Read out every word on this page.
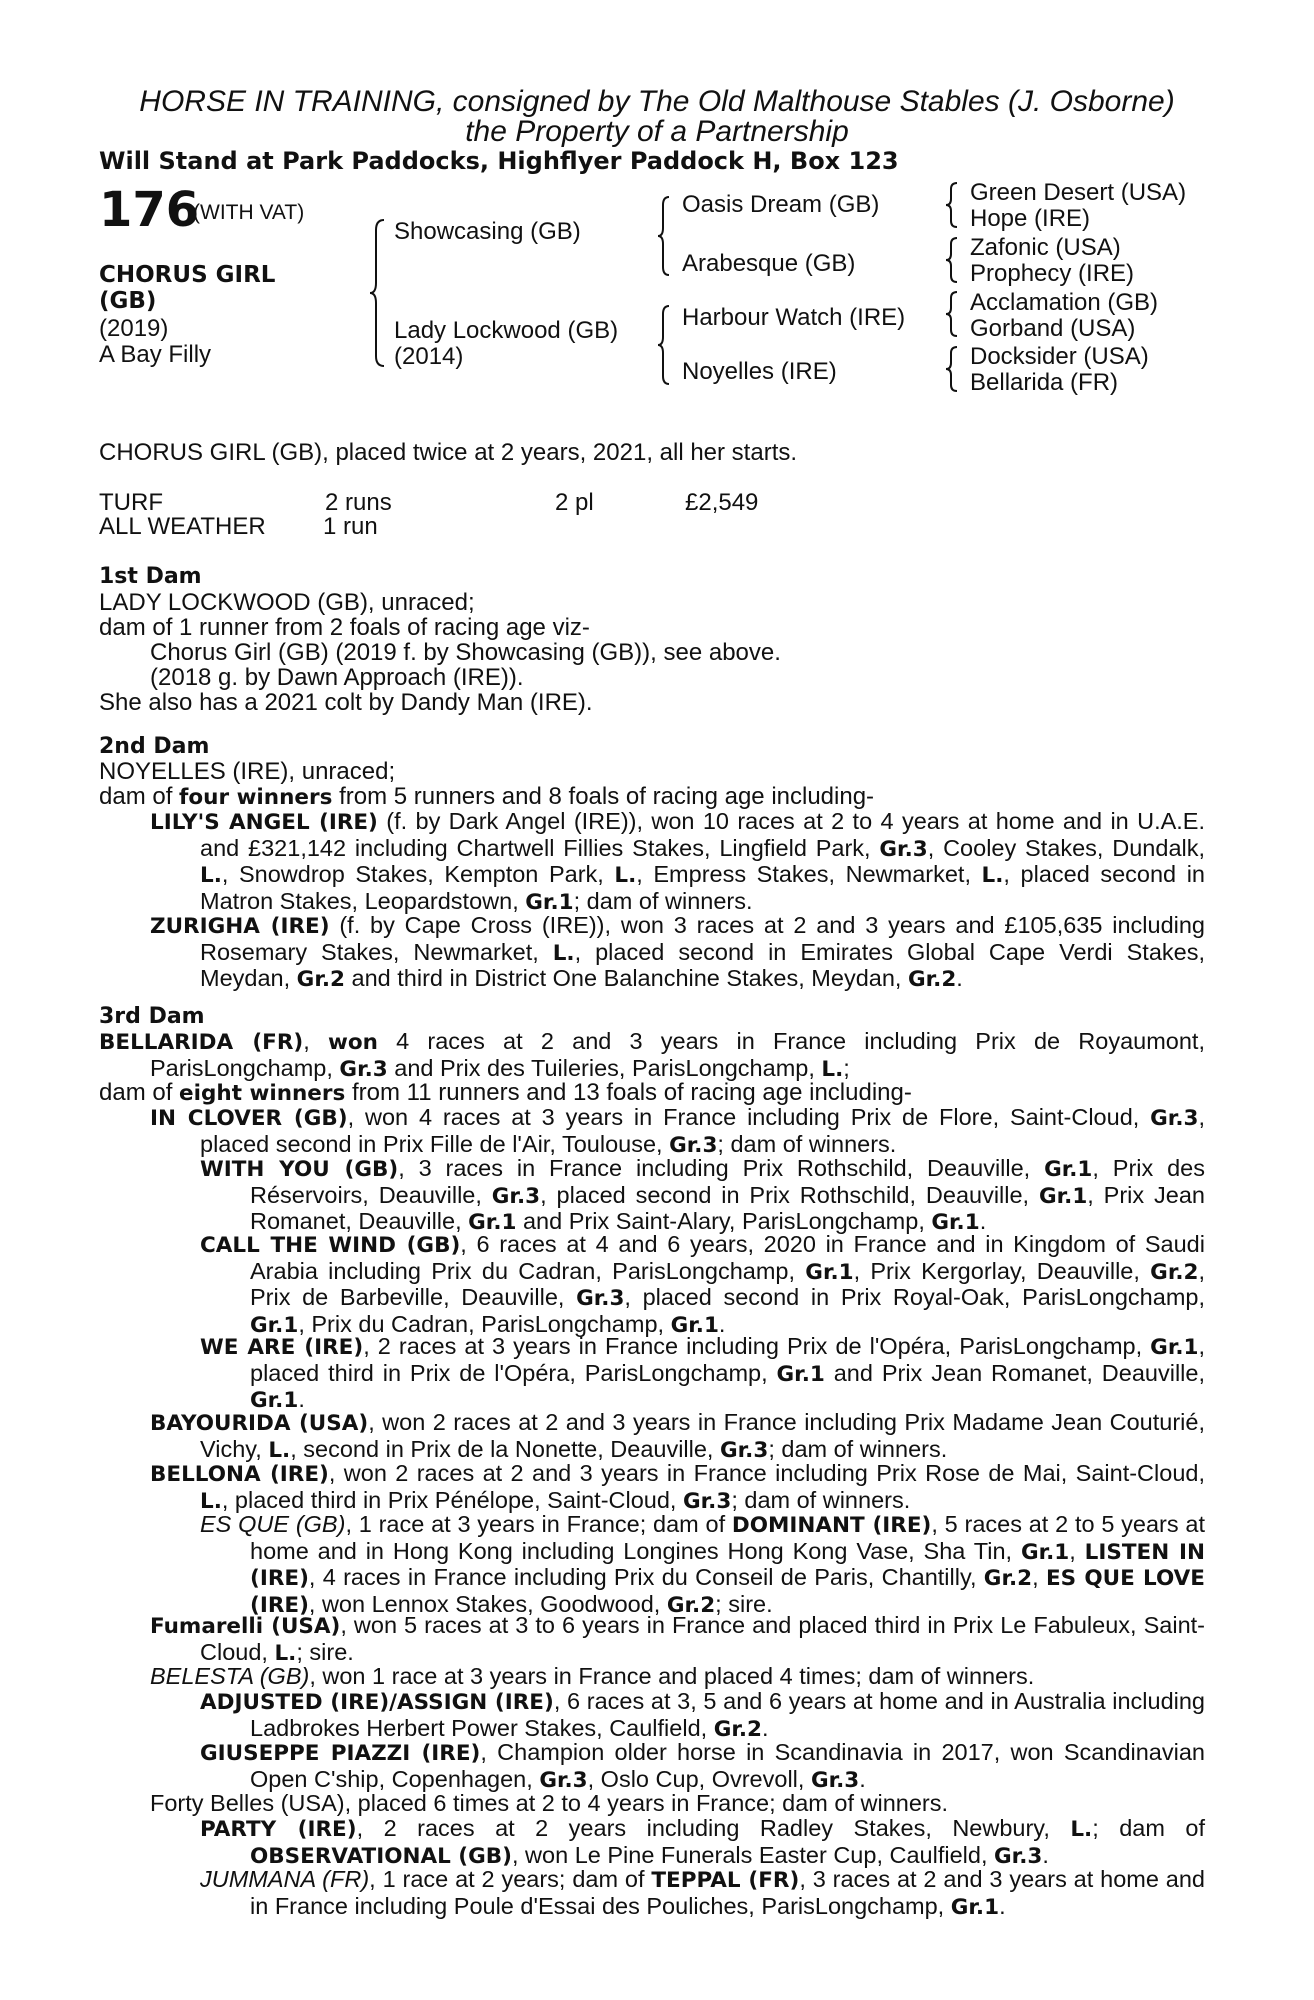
HORSE IN TRAINING, consigned by The Old Malthouse Stables (J. Osborne)
the Property of a Partnership
Will Stand at Park Paddocks, Highflyer Paddock H, Box 123
176
(WITH VAT)
CHORUS GIRL
(GB)
(2019)
A Bay Filly
Showcasing (GB)
Lady Lockwood (GB)
(2014)
Oasis Dream (GB)
Arabesque (GB)
Harbour Watch (IRE)
Noyelles (IRE)
Green Desert (USA)
Hope (IRE)
Zafonic (USA)
Prophecy (IRE)
Acclamation (GB)
Gorband (USA)
Docksider (USA)
Bellarida (FR)
CHORUS GIRL (GB), placed twice at 2 years, 2021, all her starts.
TURF	2 runs	2 pl	£2,549
ALL WEATHER 1 run
1st Dam
LADY LOCKWOOD (GB), unraced;
dam of 1 runner from 2 foals of racing age viz-
Chorus Girl (GB) (2019 f. by Showcasing (GB)), see above.
(2018 g. by Dawn Approach (IRE)).
She also has a 2021 colt by Dandy Man (IRE).
2nd Dam
NOYELLES (IRE), unraced;
dam of four winners from 5 runners and 8 foals of racing age including-
LILY'S ANGEL (IRE) (f. by Dark Angel (IRE)), won 10 races at 2 to 4 years at home and in U.A.E. and £321,142 including Chartwell Fillies Stakes, Lingfield Park, Gr.3, Cooley Stakes, Dundalk, L., Snowdrop Stakes, Kempton Park, L., Empress Stakes, Newmarket, L., placed second in Matron Stakes, Leopardstown, Gr.1; dam of winners.
ZURIGHA (IRE) (f. by Cape Cross (IRE)), won 3 races at 2 and 3 years and £105,635 including Rosemary Stakes, Newmarket, L., placed second in Emirates Global Cape Verdi Stakes, Meydan, Gr.2 and third in District One Balanchine Stakes, Meydan, Gr.2.
3rd Dam
BELLARIDA (FR), won 4 races at 2 and 3 years in France including Prix de Royaumont, ParisLongchamp, Gr.3 and Prix des Tuileries, ParisLongchamp, L.;
dam of eight winners from 11 runners and 13 foals of racing age including-
IN CLOVER (GB), won 4 races at 3 years in France including Prix de Flore, Saint-Cloud, Gr.3, placed second in Prix Fille de l'Air, Toulouse, Gr.3; dam of winners.
WITH YOU (GB), 3 races in France including Prix Rothschild, Deauville, Gr.1, Prix des Réservoirs, Deauville, Gr.3, placed second in Prix Rothschild, Deauville, Gr.1, Prix Jean Romanet, Deauville, Gr.1 and Prix Saint-Alary, ParisLongchamp, Gr.1.
CALL THE WIND (GB), 6 races at 4 and 6 years, 2020 in France and in Kingdom of Saudi Arabia including Prix du Cadran, ParisLongchamp, Gr.1, Prix Kergorlay, Deauville, Gr.2, Prix de Barbeville, Deauville, Gr.3, placed second in Prix Royal-Oak, ParisLongchamp, Gr.1, Prix du Cadran, ParisLongchamp, Gr.1.
WE ARE (IRE), 2 races at 3 years in France including Prix de l'Opéra, ParisLongchamp, Gr.1, placed third in Prix de l'Opéra, ParisLongchamp, Gr.1 and Prix Jean Romanet, Deauville, Gr.1.
BAYOURIDA (USA), won 2 races at 2 and 3 years in France including Prix Madame Jean Couturié, Vichy, L., second in Prix de la Nonette, Deauville, Gr.3; dam of winners.
BELLONA (IRE), won 2 races at 2 and 3 years in France including Prix Rose de Mai, Saint-Cloud, L., placed third in Prix Pénélope, Saint-Cloud, Gr.3; dam of winners.
ES QUE (GB), 1 race at 3 years in France; dam of DOMINANT (IRE), 5 races at 2 to 5 years at home and in Hong Kong including Longines Hong Kong Vase, Sha Tin, Gr.1, LISTEN IN (IRE), 4 races in France including Prix du Conseil de Paris, Chantilly, Gr.2, ES QUE LOVE (IRE), won Lennox Stakes, Goodwood, Gr.2; sire.
Fumarelli (USA), won 5 races at 3 to 6 years in France and placed third in Prix Le Fabuleux, Saint-Cloud, L.; sire.
BELESTA (GB), won 1 race at 3 years in France and placed 4 times; dam of winners.
ADJUSTED (IRE)/ASSIGN (IRE), 6 races at 3, 5 and 6 years at home and in Australia including Ladbrokes Herbert Power Stakes, Caulfield, Gr.2.
GIUSEPPE PIAZZI (IRE), Champion older horse in Scandinavia in 2017, won Scandinavian Open C'ship, Copenhagen, Gr.3, Oslo Cup, Ovrevoll, Gr.3.
Forty Belles (USA), placed 6 times at 2 to 4 years in France; dam of winners.
PARTY (IRE), 2 races at 2 years including Radley Stakes, Newbury, L.; dam of OBSERVATIONAL (GB), won Le Pine Funerals Easter Cup, Caulfield, Gr.3.
JUMMANA (FR), 1 race at 2 years; dam of TEPPAL (FR), 3 races at 2 and 3 years at home and in France including Poule d'Essai des Pouliches, ParisLongchamp, Gr.1.
